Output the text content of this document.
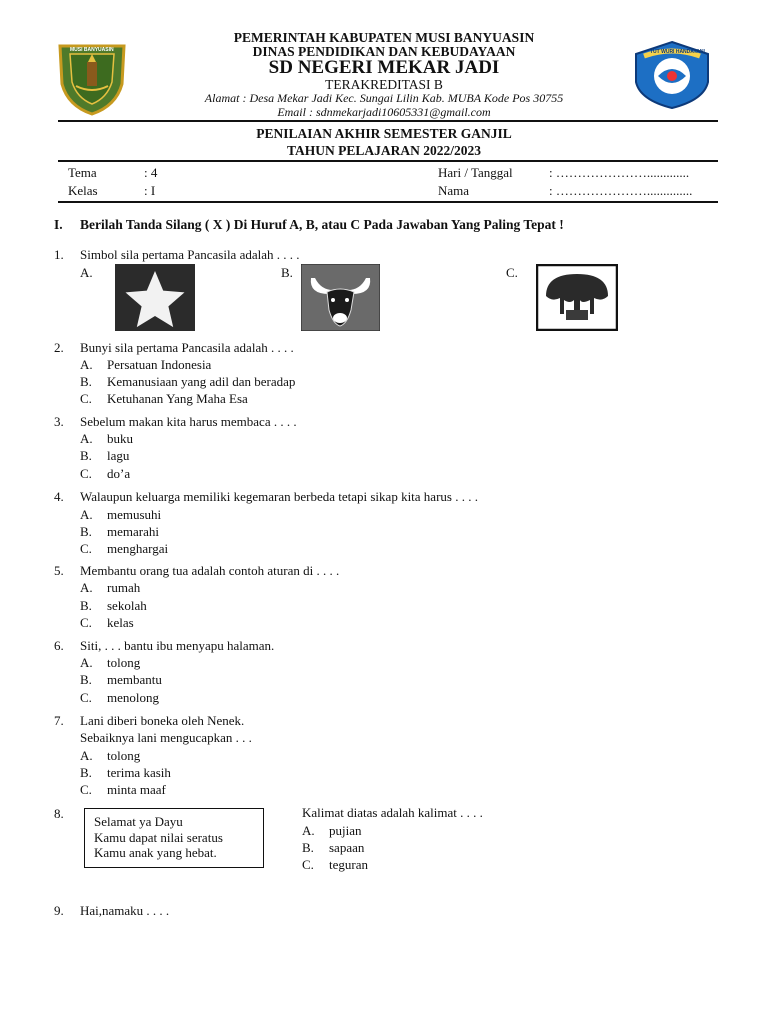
MUSI BANYUASIN	TUT WURI HANDAYANI
PEMERINTAH KABUPATEN MUSI BANYUASIN
DINAS PENDIDIKAN DAN KEBUDAYAAN
SD NEGERI MEKAR JADI
TERAKREDITASI B
Alamat : Desa Mekar Jadi Kec. Sungai Lilin Kab. MUBA Kode Pos 30755
Email : sdnmekarjadi10605331@gmail.com
PENILAIAN AKHIR SEMESTER GANJIL
TAHUN PELAJARAN 2022/2023
Tema	: 4
Kelas	: I
Hari / Tanggal	: ………………….............
Nama	: …………………..............
I. Berilah Tanda Silang ( X ) Di Huruf A, B, atau C Pada Jawaban Yang Paling Tepat !
1. Simbol sila pertama Pancasila adalah . . . .
A.	B.	C.
2. Bunyi sila pertama Pancasila adalah . . . .
A. Persatuan Indonesia
B. Kemanusiaan yang adil dan beradap
C. Ketuhanan Yang Maha Esa
3. Sebelum makan kita harus membaca . . . .
A. buku
B. lagu
C. do’a
4. Walaupun keluarga memiliki kegemaran berbeda tetapi sikap kita harus . . . .
A. memusuhi
B. memarahi
C. menghargai
5. Membantu orang tua adalah contoh aturan di . . . .
A. rumah
B. sekolah
C. kelas
6. Siti, . . . bantu ibu menyapu halaman.
A. tolong
B. membantu
C. menolong
7. Lani diberi boneka oleh Nenek.
Sebaiknya lani mengucapkan . . .
A. tolong
B. terima kasih
C. minta maaf
8.
Selamat ya Dayu
Kamu dapat nilai seratus
Kamu anak yang hebat.
Kalimat diatas adalah kalimat . . . .
A. pujian
B. sapaan
C. teguran
9. Hai,namaku . . . .
